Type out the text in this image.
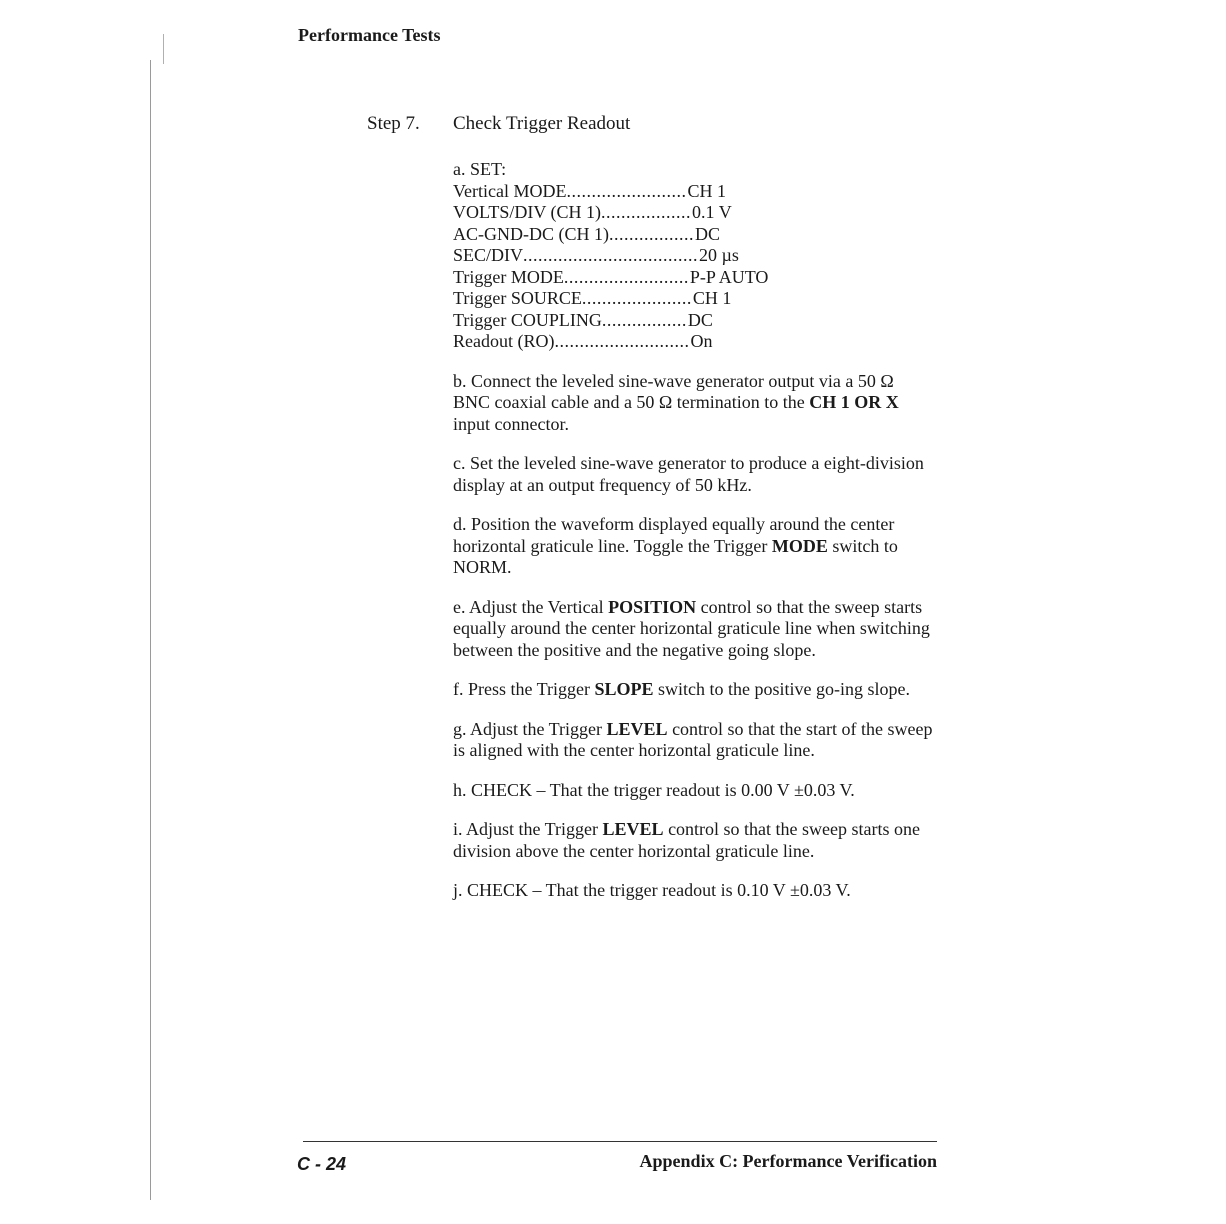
Performance Tests
Step 7. Check Trigger Readout
a. SET:
Vertical MODE ........................ CH 1
VOLTS/DIV (CH 1) .................. 0.1 V
AC-GND-DC (CH 1) ................. DC
SEC/DIV ................................... 20 µs
Trigger MODE ......................... P-P AUTO
Trigger SOURCE ...................... CH 1
Trigger COUPLING ................. DC
Readout (RO) ........................... On

b. Connect the leveled sine-wave generator output via a 50 Ω BNC coaxial cable and a 50 Ω termination to the CH 1 OR X input connector.

c. Set the leveled sine-wave generator to produce a eight-division display at an output frequency of 50 kHz.

d. Position the waveform displayed equally around the center horizontal graticule line. Toggle the Trigger MODE switch to NORM.

e. Adjust the Vertical POSITION control so that the sweep starts equally around the center horizontal graticule line when switching between the positive and the negative going slope.

f. Press the Trigger SLOPE switch to the positive go-ing slope.

g. Adjust the Trigger LEVEL control so that the start of the sweep is aligned with the center horizontal graticule line.

h. CHECK – That the trigger readout is 0.00 V ±0.03 V.

i. Adjust the Trigger LEVEL control so that the sweep starts one division above the center horizontal graticule line.

j. CHECK – That the trigger readout is 0.10 V ±0.03 V.

C - 24	Appendix C: Performance Verification
